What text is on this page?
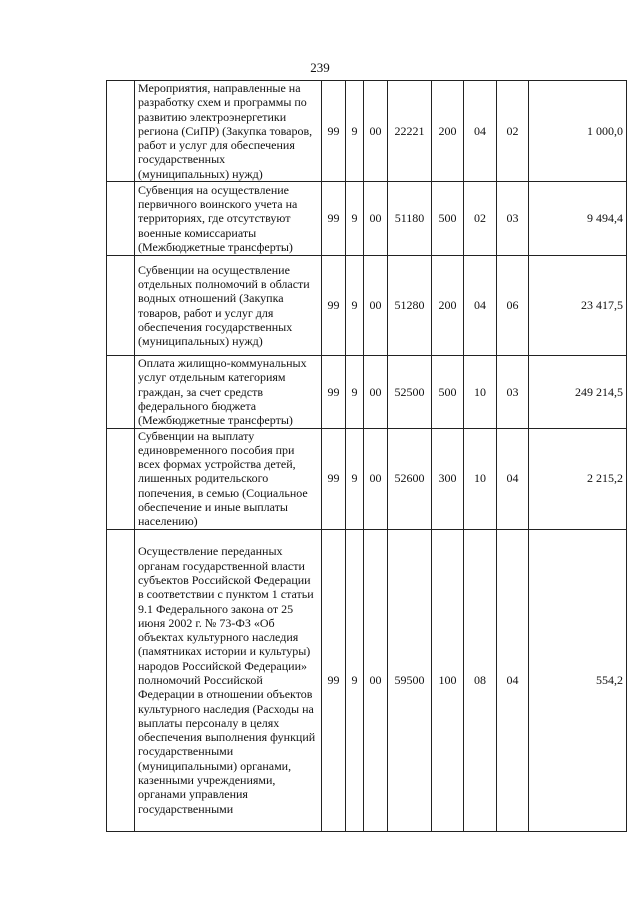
239
	Мероприятия, направленные на разработку схем и программы по развитию электроэнергетики региона (СиПР) (Закупка товаров, работ и услуг для обеспечения государственных (муниципальных) нужд)	99	9	00	22221	200	04	02	1 000,0
	Субвенция на осуществление первичного воинского учета на территориях, где отсутствуют военные комиссариаты (Межбюджетные трансферты)	99	9	00	51180	500	02	03	9 494,4
	Субвенции на осуществление отдельных полномочий в области водных отношений (Закупка товаров, работ и услуг для обеспечения государственных (муниципальных) нужд)	99	9	00	51280	200	04	06	23 417,5
	Оплата жилищно-коммунальных услуг отдельным категориям граждан, за счет средств федерального бюджета (Межбюджетные трансферты)	99	9	00	52500	500	10	03	249 214,5
	Субвенции на выплату единовременного пособия при всех формах устройства детей, лишенных родительского попечения, в семью (Социальное обеспечение и иные выплаты населению)	99	9	00	52600	300	10	04	2 215,2
	Осуществление переданных органам государственной власти субъектов Российской Федерации в соответствии с пунктом 1 статьи 9.1 Федерального закона от 25 июня 2002 г. № 73-ФЗ «Об объектах культурного наследия (памятниках истории и культуры) народов Российской Федерации» полномочий Российской Федерации в отношении объектов культурного наследия (Расходы на выплаты персоналу в целях обеспечения выполнения функций государственными (муниципальными) органами, казенными учреждениями, органами управления государственными	99	9	00	59500	100	08	04	554,2
